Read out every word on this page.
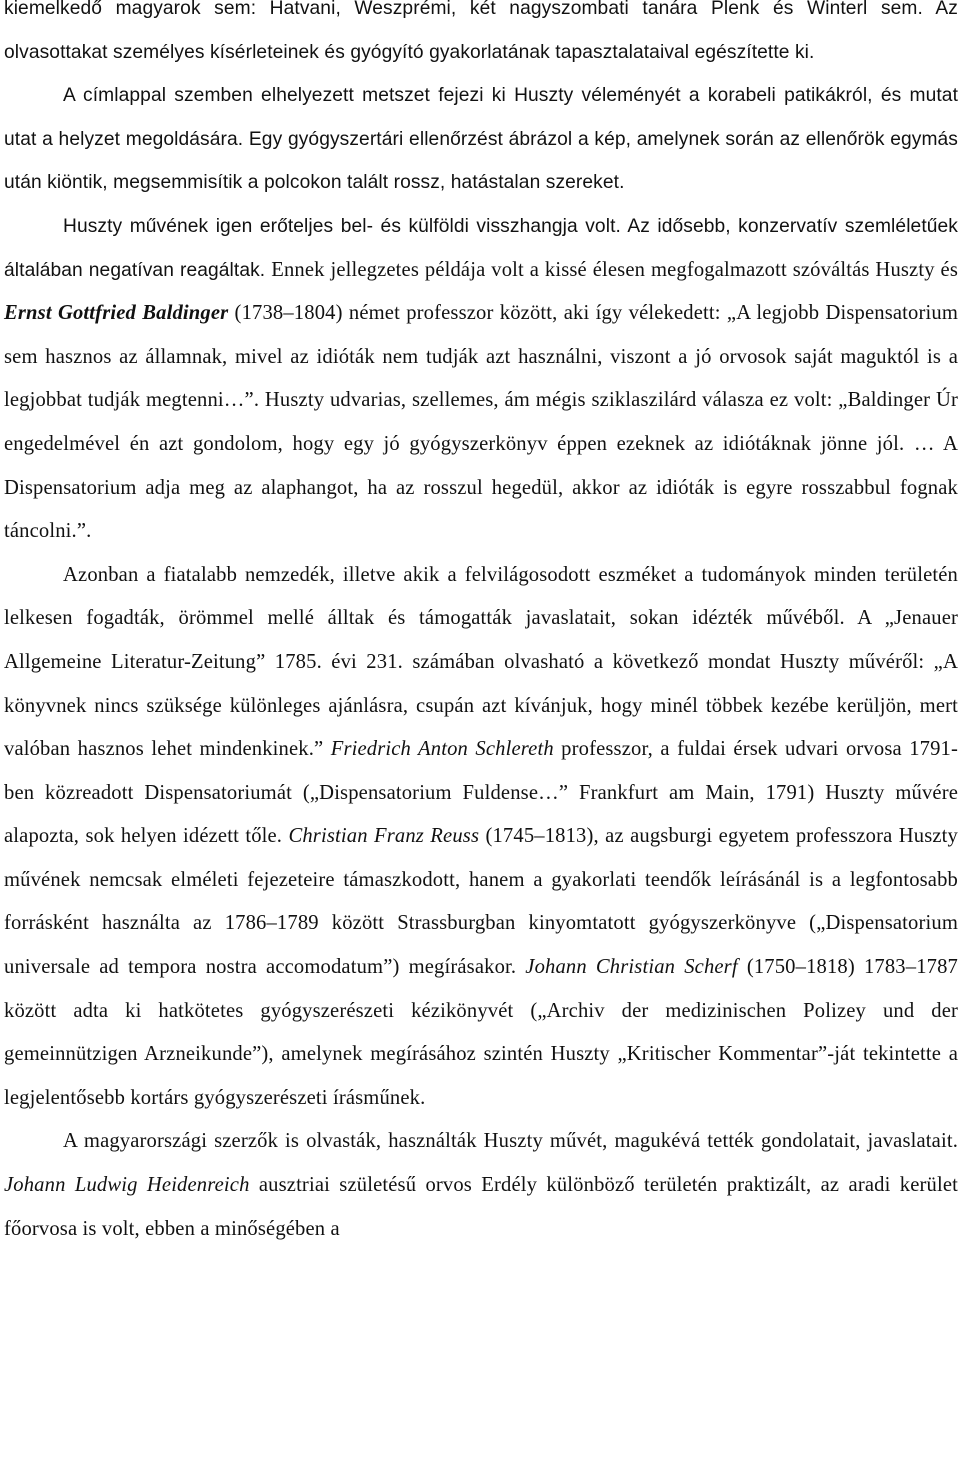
kiemelkedő magyarok sem: Hatvani, Weszprémi, két nagyszombati tanára Plenk és Winterl sem. Az olvasottakat személyes kísérleteinek és gyógyító gyakorlatának tapasztalataival egészítette ki.

A címlappal szemben elhelyezett metszet fejezi ki Huszty véleményét a korabeli patikákról, és mutat utat a helyzet megoldására. Egy gyógyszertári ellenőrzést ábrázol a kép, amelynek során az ellenőrök egymás után kiöntik, megsemmisítik a polcokon talált rossz, hatástalan szereket.

Huszty művének igen erőteljes bel- és külföldi visszhangja volt. Az idősebb, konzervatív szemléletűek általában negatívan reagáltak. Ennek jellegzetes példája volt a kissé élesen megfogalmazott szóváltás Huszty és Ernst Gottfried Baldinger (1738–1804) német professzor között, aki így vélekedett: „A legjobb Dispensatorium sem hasznos az államnak, mivel az idióták nem tudják azt használni, viszont a jó orvosok saját maguktól is a legjobbat tudják megtenni…”. Huszty udvarias, szellemes, ám mégis sziklaszilárd válasza ez volt: „Baldinger Úr engedelmével én azt gondolom, hogy egy jó gyógyszerkönyv éppen ezeknek az idiótáknak jönne jól. … A Dispensatorium adja meg az alaphangot, ha az rosszul hegedül, akkor az idióták is egyre rosszabbul fognak táncolni.”.

Azonban a fiatalabb nemzedék, illetve akik a felvilágosodott eszméket a tudományok minden területén lelkesen fogadták, örömmel mellé álltak és támogatták javaslatait, sokan idézték művéből. A „Jenauer Allgemeine Literatur-Zeitung” 1785. évi 231. számában olvasható a következő mondat Huszty művéről: „A könyvnek nincs szüksége különleges ajánlásra, csupán azt kívánjuk, hogy minél többek kezébe kerüljön, mert valóban hasznos lehet mindenkinek.” Friedrich Anton Schlereth professzor, a fuldai érsek udvari orvosa 1791-ben közreadott Dispensatoriumát („Dispensatorium Fuldense…” Frankfurt am Main, 1791) Huszty művére alapozta, sok helyen idézett tőle. Christian Franz Reuss (1745–1813), az augsburgi egyetem professzora Huszty művének nemcsak elméleti fejezeteire támaszkodott, hanem a gyakorlati teendők leírásánál is a legfontosabb forrásként használta az 1786–1789 között Strassburgban kinyomtatott gyógyszerkönyve („Dispensatorium universale ad tempora nostra accomodatum”) megírásakor. Johann Christian Scherf (1750–1818) 1783–1787 között adta ki hatkötetes gyógyszerészeti kézikönyvét („Archiv der medizinischen Polizey und der gemeinnützigen Arzneikunde”), amelynek megírásához szintén Huszty „Kritischer Kommentar”-ját tekintette a legjelentősebb kortárs gyógyszerészeti írásműnek.

A magyarországi szerzők is olvasták, használták Huszty művét, magukévá tették gondolatait, javaslatait. Johann Ludwig Heidenreich ausztriai születésű orvos Erdély különböző területén praktizált, az aradi kerület főorvosa is volt, ebben a minőségében a
